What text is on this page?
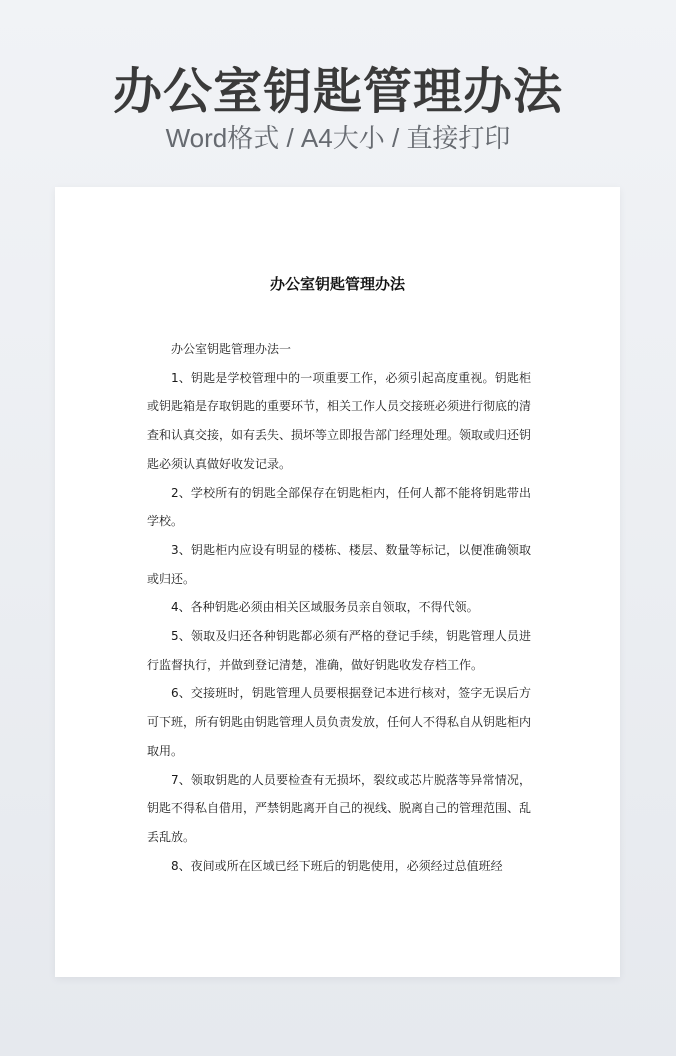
办公室钥匙管理办法
Word格式 / A4大小 / 直接打印
办公室钥匙管理办法

办公室钥匙管理办法一

1、钥匙是学校管理中的一项重要工作，必须引起高度重视。钥匙柜或钥匙箱是存取钥匙的重要环节，相关工作人员交接班必须进行彻底的清查和认真交接，如有丢失、损坏等立即报告部门经理处理。领取或归还钥匙必须认真做好收发记录。

2、学校所有的钥匙全部保存在钥匙柜内，任何人都不能将钥匙带出学校。

3、钥匙柜内应设有明显的楼栋、楼层、数量等标记，以便准确领取或归还。

4、各种钥匙必须由相关区域服务员亲自领取，不得代领。

5、领取及归还各种钥匙都必须有严格的登记手续，钥匙管理人员进行监督执行，并做到登记清楚，准确，做好钥匙收发存档工作。

6、交接班时，钥匙管理人员要根据登记本进行核对，签字无误后方可下班，所有钥匙由钥匙管理人员负责发放，任何人不得私自从钥匙柜内取用。

7、领取钥匙的人员要检查有无损坏，裂纹或芯片脱落等异常情况，钥匙不得私自借用，严禁钥匙离开自己的视线、脱离自己的管理范围、乱丢乱放。

8、夜间或所在区域已经下班后的钥匙使用，必须经过总值班经
